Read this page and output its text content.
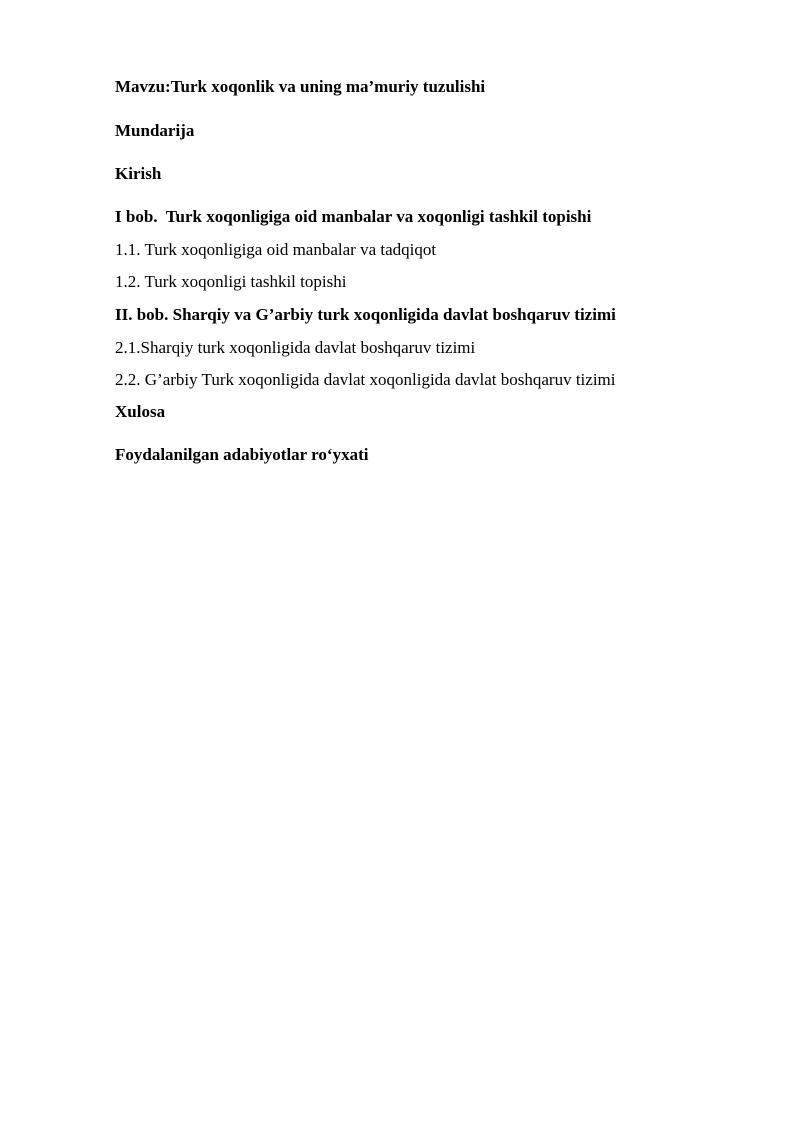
Mavzu:Turk xoqonlik va uning ma’muriy tuzulishi
Mundarija
Kirish
I bob.  Turk xoqonligiga oid manbalar va xoqonligi tashkil topishi
1.1. Turk xoqonligiga oid manbalar va tadqiqot
1.2. Turk xoqonligi tashkil topishi
II. bob. Sharqiy va G’arbiy turk xoqonligida davlat boshqaruv tizimi
2.1.Sharqiy turk xoqonligida davlat boshqaruv tizimi
2.2. G’arbiy Turk xoqonligida davlat xoqonligida davlat boshqaruv tizimi
Xulosa
Foydalanilgan adabiyotlar ro‘yxati
